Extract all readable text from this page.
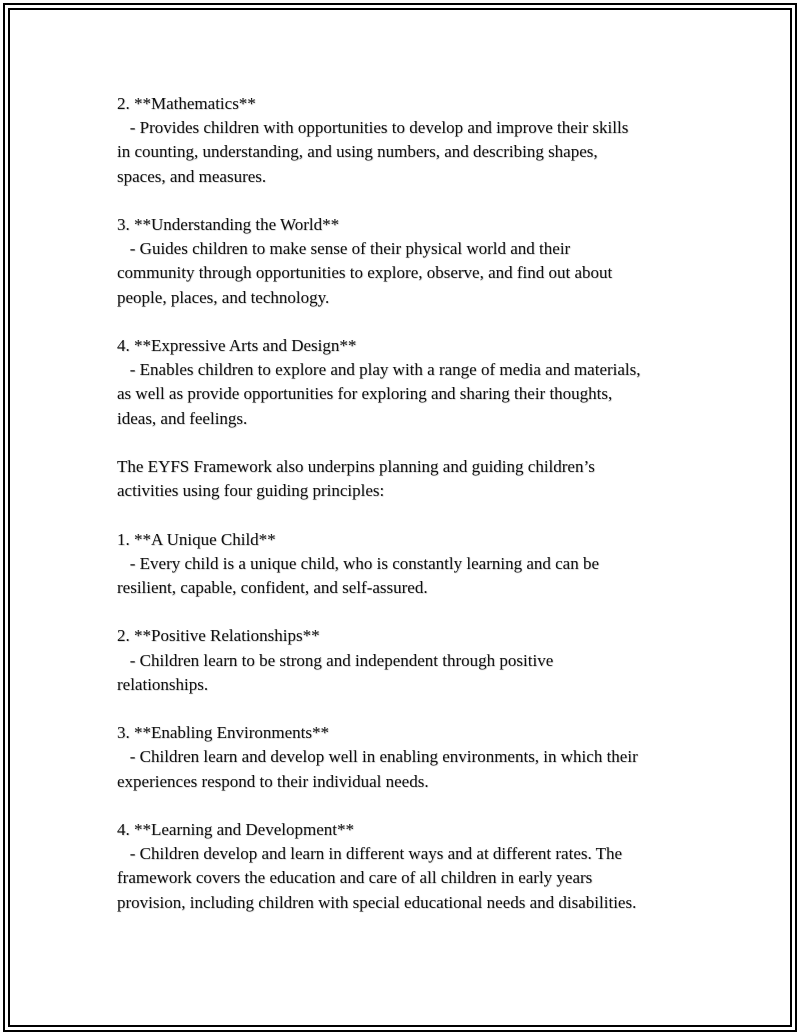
2. **Mathematics**
- Provides children with opportunities to develop and improve their skills
in counting, understanding, and using numbers, and describing shapes,
spaces, and measures.
3. **Understanding the World**
- Guides children to make sense of their physical world and their
community through opportunities to explore, observe, and find out about
people, places, and technology.
4. **Expressive Arts and Design**
- Enables children to explore and play with a range of media and materials,
as well as provide opportunities for exploring and sharing their thoughts,
ideas, and feelings.
The EYFS Framework also underpins planning and guiding children’s
activities using four guiding principles:
1. **A Unique Child**
- Every child is a unique child, who is constantly learning and can be
resilient, capable, confident, and self-assured.
2. **Positive Relationships**
- Children learn to be strong and independent through positive
relationships.
3. **Enabling Environments**
- Children learn and develop well in enabling environments, in which their
experiences respond to their individual needs.
4. **Learning and Development**
- Children develop and learn in different ways and at different rates. The
framework covers the education and care of all children in early years
provision, including children with special educational needs and disabilities.
